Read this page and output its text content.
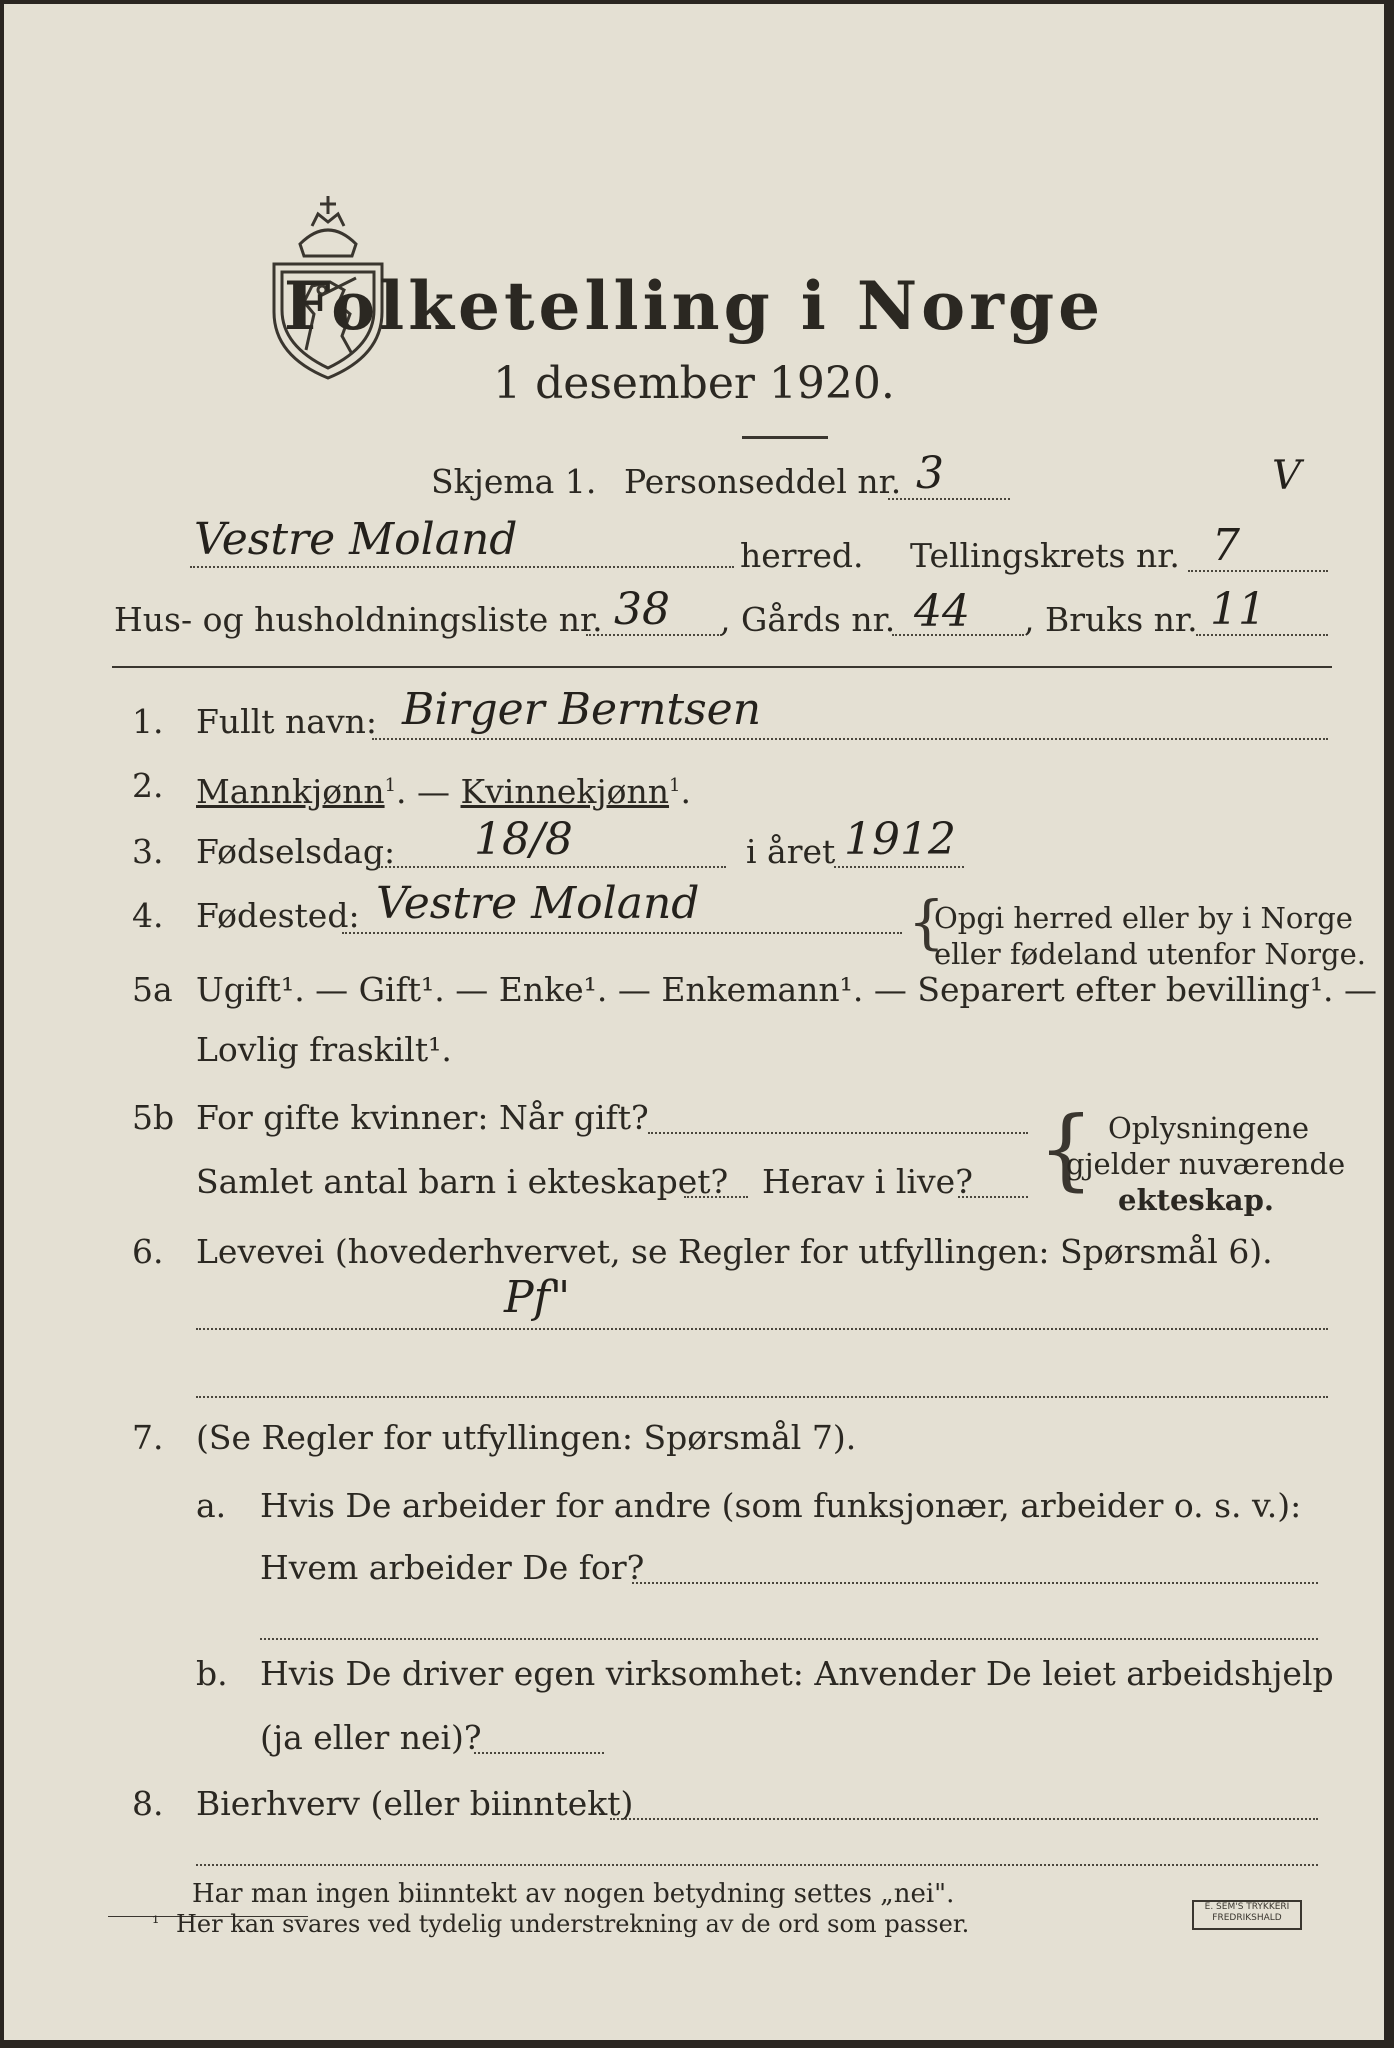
Folketelling i Norge
1 desember 1920.
Skjema 1. Personseddel nr. 3	V
Vestre Moland	herred. Tellingskrets nr. 7
Hus- og husholdningsliste nr. 38 , Gårds nr. 44 , Bruks nr. 11
1. Fullt navn: Birger Berntsen
2. Mannkjønn$^1$. — Kvinnekjønn$^1$.
3. Fødselsdag: 18/8	i året 1912
4. Fødested: Vestre Moland	{
Opgi herred eller by i Norge
eller fødeland utenfor Norge.
5a Ugift¹. — Gift¹. — Enke¹. — Enkemann¹. — Separert efter bevilling¹. —
Lovlig fraskilt¹.
5b For gifte kvinner: Når gift?
Samlet antal barn i ekteskapet? Herav i live? { Oplysningene
gjelder nuværende
ekteskap.
6. Levevei (hovederhvervet, se Regler for utfyllingen: Spørsmål 6).
Pf"
7. (Se Regler for utfyllingen: Spørsmål 7).
a. Hvis De arbeider for andre (som funksjonær, arbeider o. s. v.):
Hvem arbeider De for?
b. Hvis De driver egen virksomhet: Anvender De leiet arbeidshjelp
(ja eller nei)?
8. Bierhverv (eller biinntekt)
Har man ingen biinntekt av nogen betydning settes „nei".
¹ Her kan svares ved tydelig understrekning av de ord som passer.
E. SEM'S TRYKKERI
FREDRIKSHALD
